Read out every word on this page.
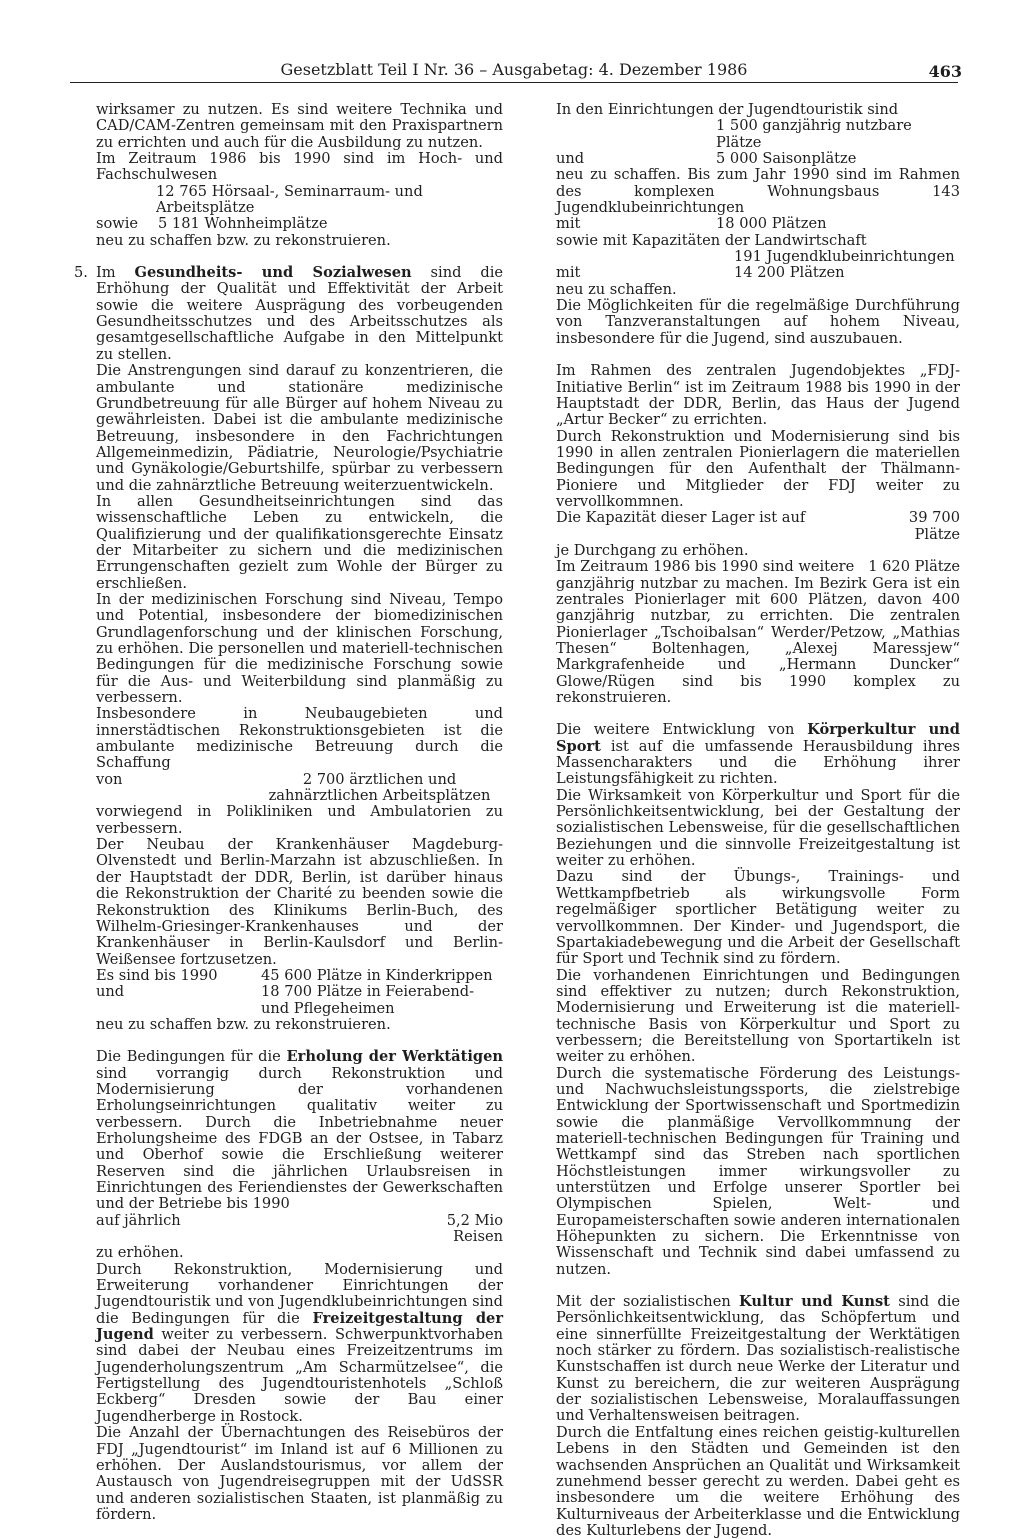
Gesetzblatt Teil I Nr. 36 – Ausgabetag: 4. Dezember 1986	463

wirksamer zu nutzen. Es sind weitere Technika und CAD/CAM-Zentren gemeinsam mit den Praxispartnern zu errichten und auch für die Ausbildung zu nutzen.

Im Zeitraum 1986 bis 1990 sind im Hoch- und Fachschulwesen

12 765 Hörsaal-, Seminarraum- und Arbeitsplätze
sowie	5 181 Wohnheimplätze

neu zu schaffen bzw. zu rekonstruieren.

5. Im Gesundheits- und Sozialwesen sind die Erhöhung der Qualität und Effektivität der Arbeit sowie die weitere Ausprägung des vorbeugenden Gesundheitsschutzes und des Arbeitsschutzes als gesamtgesellschaftliche Aufgabe in den Mittelpunkt zu stellen.

Die Anstrengungen sind darauf zu konzentrieren, die ambulante und stationäre medizinische Grundbetreuung für alle Bürger auf hohem Niveau zu gewährleisten. Dabei ist die ambulante medizinische Betreuung, insbesondere in den Fachrichtungen Allgemeinmedizin, Pädiatrie, Neurologie/Psychiatrie und Gynäkologie/Geburtshilfe, spürbar zu verbessern und die zahnärztliche Betreuung weiterzuentwickeln.

In allen Gesundheitseinrichtungen sind das wissenschaftliche Leben zu entwickeln, die Qualifizierung und der qualifikationsgerechte Einsatz der Mitarbeiter zu sichern und die medizinischen Errungenschaften gezielt zum Wohle der Bürger zu erschließen.

In der medizinischen Forschung sind Niveau, Tempo und Potential, insbesondere der biomedizinischen Grundlagenforschung und der klinischen Forschung, zu erhöhen. Die personellen und materiell-technischen Bedingungen für die medizinische Forschung sowie für die Aus- und Weiterbildung sind planmäßig zu verbessern.

Insbesondere in Neubaugebieten und innerstädtischen Rekonstruktionsgebieten ist die ambulante medizinische Betreuung durch die Schaffung

von	2 700 ärztlichen und zahnärztlichen Arbeitsplätzen

vorwiegend in Polikliniken und Ambulatorien zu verbessern.

Der Neubau der Krankenhäuser Magdeburg-Olvenstedt und Berlin-Marzahn ist abzuschließen. In der Hauptstadt der DDR, Berlin, ist darüber hinaus die Rekonstruktion der Charité zu beenden sowie die Rekonstruktion des Klinikums Berlin-Buch, des Wilhelm-Griesinger-Krankenhauses und der Krankenhäuser in Berlin-Kaulsdorf und Berlin-Weißensee fortzusetzen.

Es sind bis 1990	45 600 Plätze in Kinderkrippen
und	18 700 Plätze in Feierabend- und Pflegeheimen

neu zu schaffen bzw. zu rekonstruieren.

Die Bedingungen für die Erholung der Werktätigen sind vorrangig durch Rekonstruktion und Modernisierung der vorhandenen Erholungseinrichtungen qualitativ weiter zu verbessern. Durch die Inbetriebnahme neuer Erholungsheime des FDGB an der Ostsee, in Tabarz und Oberhof sowie die Erschließung weiterer Reserven sind die jährlichen Urlaubsreisen in Einrichtungen des Feriendienstes der Gewerkschaften und der Betriebe bis 1990

auf jährlich	5,2 Mio Reisen

zu erhöhen.

Durch Rekonstruktion, Modernisierung und Erweiterung vorhandener Einrichtungen der Jugendtouristik und von Jugendklubeinrichtungen sind die Bedingungen für die Freizeitgestaltung der Jugend weiter zu verbessern. Schwerpunktvorhaben sind dabei der Neubau eines Freizeitzentrums im Jugenderholungszentrum „Am Scharmützelsee“, die Fertigstellung des Jugendtouristenhotels „Schloß Eckberg“ Dresden sowie der Bau einer Jugendherberge in Rostock.

Die Anzahl der Übernachtungen des Reisebüros der FDJ „Jugendtourist“ im Inland ist auf 6 Millionen zu erhöhen. Der Auslandstourismus, vor allem der Austausch von Jugendreisegruppen mit der UdSSR und anderen sozialistischen Staaten, ist planmäßig zu fördern.

In den Einrichtungen der Jugendtouristik sind

1 500 ganzjährig nutzbare Plätze
und	5 000 Saisonplätze

neu zu schaffen. Bis zum Jahr 1990 sind im Rahmen des komplexen Wohnungsbaus 143 Jugendklubeinrichtungen

mit	18 000 Plätzen

sowie mit Kapazitäten der Landwirtschaft

191 Jugendklubeinrichtungen
mit	14 200 Plätzen

neu zu schaffen.

Die Möglichkeiten für die regelmäßige Durchführung von Tanzveranstaltungen auf hohem Niveau, insbesondere für die Jugend, sind auszubauen.

Im Rahmen des zentralen Jugendobjektes „FDJ-Initiative Berlin“ ist im Zeitraum 1988 bis 1990 in der Hauptstadt der DDR, Berlin, das Haus der Jugend „Artur Becker“ zu errichten.

Durch Rekonstruktion und Modernisierung sind bis 1990 in allen zentralen Pionierlagern die materiellen Bedingungen für den Aufenthalt der Thälmann-Pioniere und Mitglieder der FDJ weiter zu vervollkommnen.

Die Kapazität dieser Lager ist auf	39 700 Plätze

je Durchgang zu erhöhen.

Im Zeitraum 1986 bis 1990 sind weitere 1 620 Plätze

ganzjährig nutzbar zu machen. Im Bezirk Gera ist ein zentrales Pionierlager mit 600 Plätzen, davon 400 ganzjährig nutzbar, zu errichten. Die zentralen Pionierlager „Tschoibalsan“ Werder/Petzow, „Mathias Thesen“ Boltenhagen, „Alexej Maressjew“ Markgrafenheide und „Hermann Duncker“ Glowe/Rügen sind bis 1990 komplex zu rekonstruieren.

Die weitere Entwicklung von Körperkultur und Sport ist auf die umfassende Herausbildung ihres Massencharakters und die Erhöhung ihrer Leistungsfähigkeit zu richten.

Die Wirksamkeit von Körperkultur und Sport für die Persönlichkeitsentwicklung, bei der Gestaltung der sozialistischen Lebensweise, für die gesellschaftlichen Beziehungen und die sinnvolle Freizeitgestaltung ist weiter zu erhöhen.

Dazu sind der Übungs-, Trainings- und Wettkampfbetrieb als wirkungsvolle Form regelmäßiger sportlicher Betätigung weiter zu vervollkommnen. Der Kinder- und Jugendsport, die Spartakiadebewegung und die Arbeit der Gesellschaft für Sport und Technik sind zu fördern.

Die vorhandenen Einrichtungen und Bedingungen sind effektiver zu nutzen; durch Rekonstruktion, Modernisierung und Erweiterung ist die materiell-technische Basis von Körperkultur und Sport zu verbessern; die Bereitstellung von Sportartikeln ist weiter zu erhöhen.

Durch die systematische Förderung des Leistungs- und Nachwuchsleistungssports, die zielstrebige Entwicklung der Sportwissenschaft und Sportmedizin sowie die planmäßige Vervollkommnung der materiell-technischen Bedingungen für Training und Wettkampf sind das Streben nach sportlichen Höchstleistungen immer wirkungsvoller zu unterstützen und Erfolge unserer Sportler bei Olympischen Spielen, Welt- und Europameisterschaften sowie anderen internationalen Höhepunkten zu sichern. Die Erkenntnisse von Wissenschaft und Technik sind dabei umfassend zu nutzen.

Mit der sozialistischen Kultur und Kunst sind die Persönlichkeitsentwicklung, das Schöpfertum und eine sinnerfüllte Freizeitgestaltung der Werktätigen noch stärker zu fördern. Das sozialistisch-realistische Kunstschaffen ist durch neue Werke der Literatur und Kunst zu bereichern, die zur weiteren Ausprägung der sozialistischen Lebensweise, Moralauffassungen und Verhaltensweisen beitragen.

Durch die Entfaltung eines reichen geistig-kulturellen Lebens in den Städten und Gemeinden ist den wachsenden Ansprüchen an Qualität und Wirksamkeit zunehmend besser gerecht zu werden. Dabei geht es insbesondere um die weitere Erhöhung des Kulturniveaus der Arbeiterklasse und die Entwicklung des Kulturlebens der Jugend.
